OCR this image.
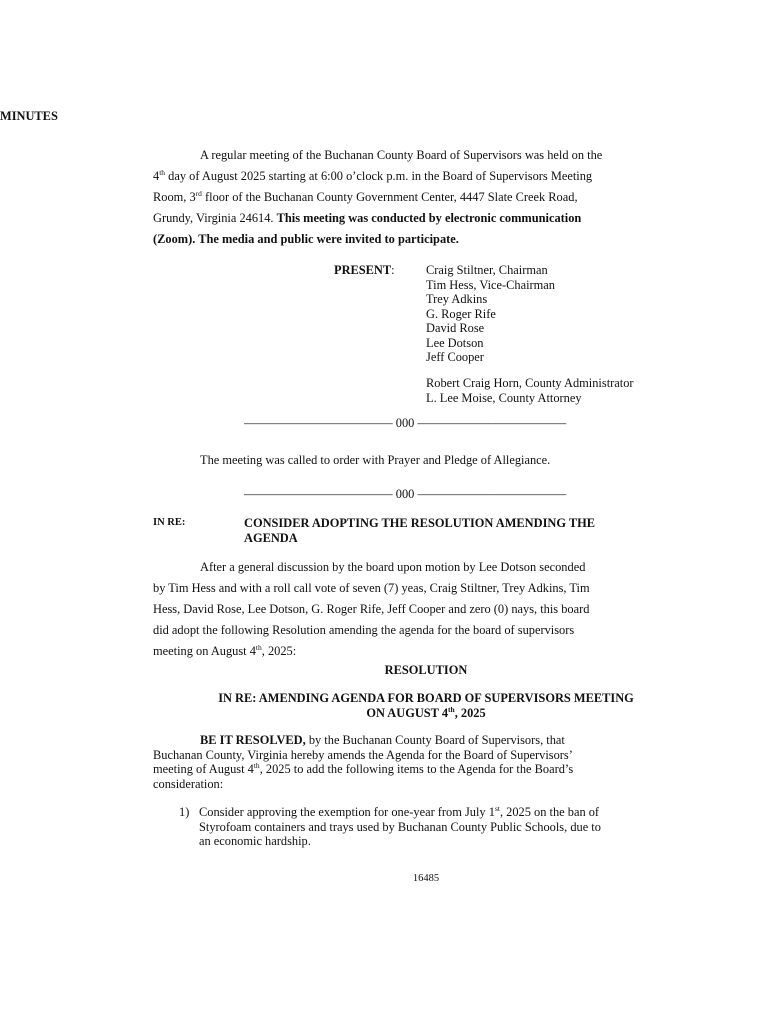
MINUTES
A regular meeting of the Buchanan County Board of Supervisors was held on the
4th day of August 2025 starting at 6:00 o’clock p.m. in the Board of Supervisors Meeting
Room, 3rd floor of the Buchanan County Government Center, 4447 Slate Creek Road,
Grundy, Virginia 24614. This meeting was conducted by electronic communication
(Zoom). The media and public were invited to participate.
PRESENT:	Craig Stiltner, Chairman
Tim Hess, Vice-Chairman
Trey Adkins
G. Roger Rife
David Rose
Lee Dotson
Jeff Cooper
Robert Craig Horn, County Administrator
L. Lee Moise, County Attorney
———————————— 000 ————————————
The meeting was called to order with Prayer and Pledge of Allegiance.
———————————— 000 ————————————
IN RE:	CONSIDER ADOPTING THE RESOLUTION AMENDING THE
AGENDA
After a general discussion by the board upon motion by Lee Dotson seconded
by Tim Hess and with a roll call vote of seven (7) yeas, Craig Stiltner, Trey Adkins, Tim
Hess, David Rose, Lee Dotson, G. Roger Rife, Jeff Cooper and zero (0) nays, this board
did adopt the following Resolution amending the agenda for the board of supervisors
meeting on August 4th, 2025:
RESOLUTION
IN RE: AMENDING AGENDA FOR BOARD OF SUPERVISORS MEETING
ON AUGUST 4th, 2025
BE IT RESOLVED, by the Buchanan County Board of Supervisors, that
Buchanan County, Virginia hereby amends the Agenda for the Board of Supervisors’
meeting of August 4th, 2025 to add the following items to the Agenda for the Board’s
consideration:
1) Consider approving the exemption for one-year from July 1st, 2025 on the ban of
Styrofoam containers and trays used by Buchanan County Public Schools, due to
an economic hardship.
16485
